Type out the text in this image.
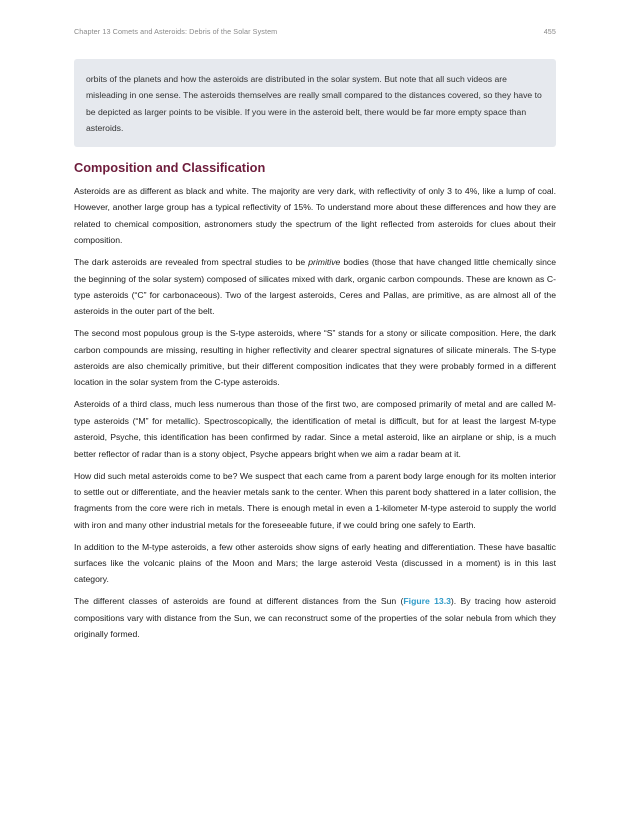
Chapter 13 Comets and Asteroids: Debris of the Solar System	455

orbits of the planets and how the asteroids are distributed in the solar system. But note that all such videos are misleading in one sense. The asteroids themselves are really small compared to the distances covered, so they have to be depicted as larger points to be visible. If you were in the asteroid belt, there would be far more empty space than asteroids.

Composition and Classification

Asteroids are as different as black and white. The majority are very dark, with reflectivity of only 3 to 4%, like a lump of coal. However, another large group has a typical reflectivity of 15%. To understand more about these differences and how they are related to chemical composition, astronomers study the spectrum of the light reflected from asteroids for clues about their composition.

The dark asteroids are revealed from spectral studies to be primitive bodies (those that have changed little chemically since the beginning of the solar system) composed of silicates mixed with dark, organic carbon compounds. These are known as C-type asteroids (“C” for carbonaceous). Two of the largest asteroids, Ceres and Pallas, are primitive, as are almost all of the asteroids in the outer part of the belt.

The second most populous group is the S-type asteroids, where “S” stands for a stony or silicate composition. Here, the dark carbon compounds are missing, resulting in higher reflectivity and clearer spectral signatures of silicate minerals. The S-type asteroids are also chemically primitive, but their different composition indicates that they were probably formed in a different location in the solar system from the C-type asteroids.

Asteroids of a third class, much less numerous than those of the first two, are composed primarily of metal and are called M-type asteroids (“M” for metallic). Spectroscopically, the identification of metal is difficult, but for at least the largest M-type asteroid, Psyche, this identification has been confirmed by radar. Since a metal asteroid, like an airplane or ship, is a much better reflector of radar than is a stony object, Psyche appears bright when we aim a radar beam at it.

How did such metal asteroids come to be? We suspect that each came from a parent body large enough for its molten interior to settle out or differentiate, and the heavier metals sank to the center. When this parent body shattered in a later collision, the fragments from the core were rich in metals. There is enough metal in even a 1-kilometer M-type asteroid to supply the world with iron and many other industrial metals for the foreseeable future, if we could bring one safely to Earth.

In addition to the M-type asteroids, a few other asteroids show signs of early heating and differentiation. These have basaltic surfaces like the volcanic plains of the Moon and Mars; the large asteroid Vesta (discussed in a moment) is in this last category.

The different classes of asteroids are found at different distances from the Sun (Figure 13.3). By tracing how asteroid compositions vary with distance from the Sun, we can reconstruct some of the properties of the solar nebula from which they originally formed.
